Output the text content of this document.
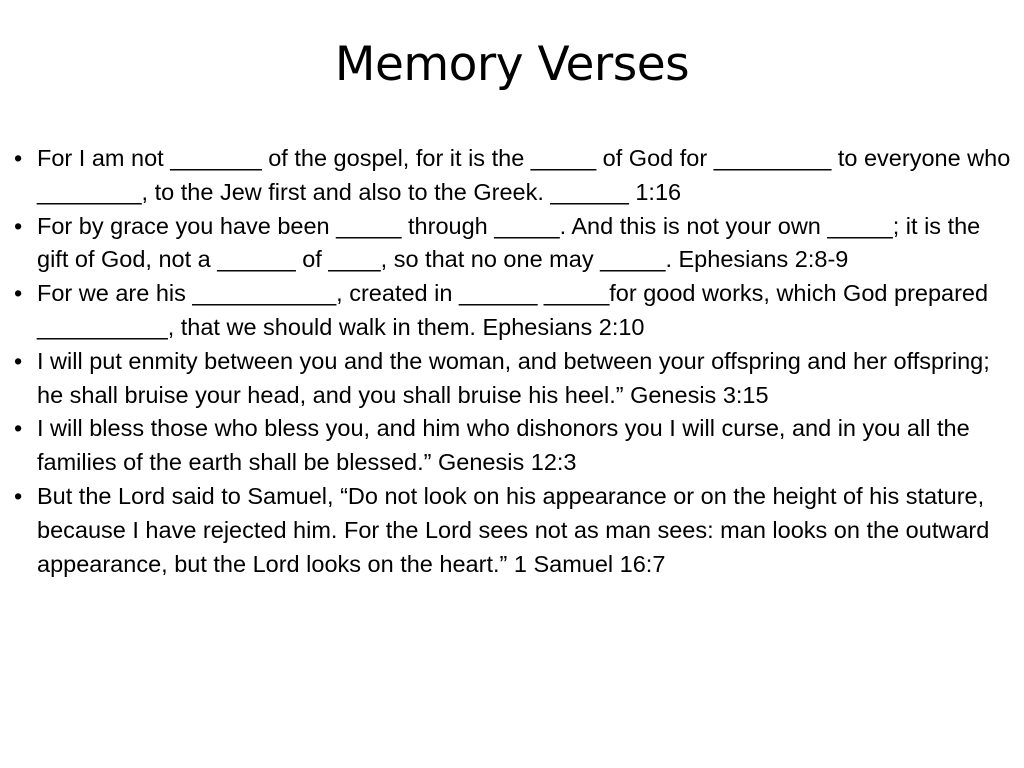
Memory Verses
• For I am not _______ of the gospel, for it is the _____ of God for _________ to everyone who ________, to the Jew first and also to the Greek. ______ 1:16
• For by grace you have been _____ through _____. And this is not your own _____; it is the gift of God, not a ______ of ____, so that no one may _____. Ephesians 2:8-9
• For we are his ___________, created in ______ _____for good works, which God prepared __________, that we should walk in them. Ephesians 2:10
• I will put enmity between you and the woman, and between your offspring and her offspring; he shall bruise your head, and you shall bruise his heel.” Genesis 3:15
• I will bless those who bless you, and him who dishonors you I will curse, and in you all the families of the earth shall be blessed.” Genesis 12:3
• But the Lord said to Samuel, “Do not look on his appearance or on the height of his stature, because I have rejected him. For the Lord sees not as man sees: man looks on the outward appearance, but the Lord looks on the heart.” 1 Samuel 16:7
